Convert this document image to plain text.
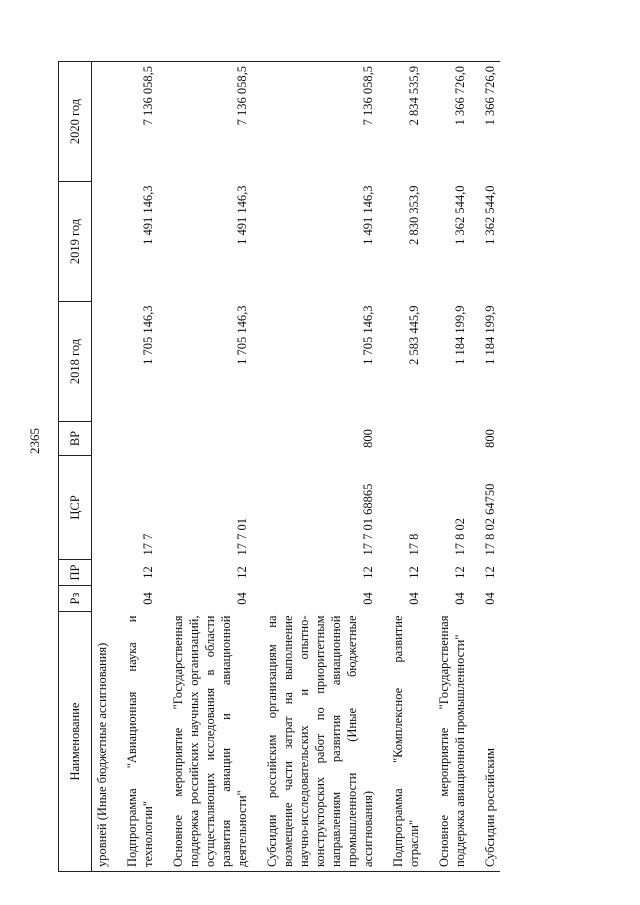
2365
Наименование	Рз	ПР	ЦСР	ВР	2018 год	2019 год	2020 год
уровней (Иные бюджетные ассигнования)							

Подпрограмма "Авиационная наука и технологии"	04	12	17 7		1 705 146,3	1 491 146,3	7 136 058,5

Основное мероприятие "Государственная поддержка российских научных организаций, осуществляющих исследования в области развития авиации и авиационной деятельности"	04	12	17 7 01		1 705 146,3	1 491 146,3	7 136 058,5

Субсидии российским организациям на возмещение части затрат на выполнение научно-исследовательских и опытно-конструкторских работ по приоритетным направлениям развития авиационной промышленности (Иные бюджетные ассигнования)	04	12	17 7 01 68865	800	1 705 146,3	1 491 146,3	7 136 058,5

Подпрограмма "Комплексное развитие отрасли"	04	12	17 8		2 583 445,9	2 830 353,9	2 834 535,9

Основное мероприятие "Государственная поддержка авиационной промышленности"	04	12	17 8 02		1 184 199,9	1 362 544,0	1 366 726,0

Субсидии российским	04	12	17 8 02 64750	800	1 184 199,9	1 362 544,0	1 366 726,0
